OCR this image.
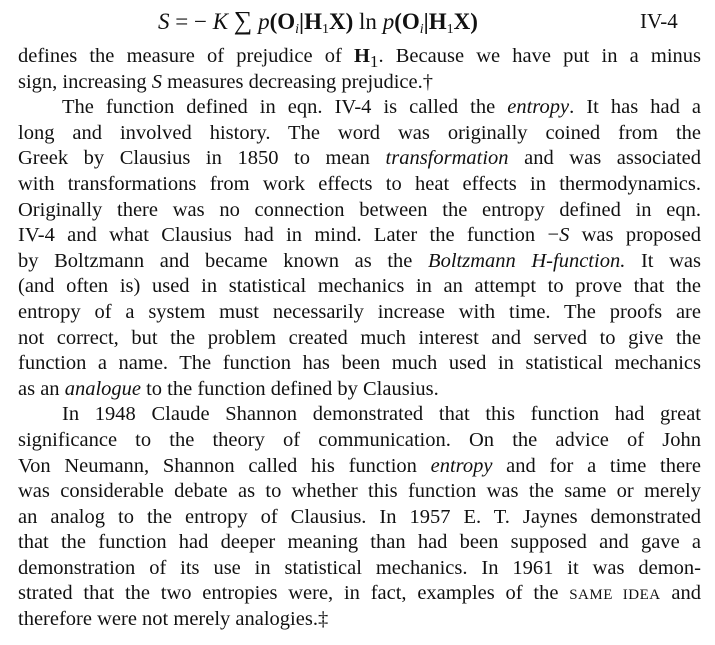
S = − K ∑ $p(O_i|H_1X)$ $\ln p(O_i|H_1X)$	IV-4
defines the measure of prejudice of $H_1$. Because we have put in a minus
sign, increasing S measures decreasing prejudice.†
The function defined in eqn. IV-4 is called the entropy. It has had a
long and involved history. The word was originally coined from the
Greek by Clausius in 1850 to mean transformation and was associated
with transformations from work effects to heat effects in thermodynamics.
Originally there was no connection between the entropy defined in eqn.
IV-4 and what Clausius had in mind. Later the function −S was proposed
by Boltzmann and became known as the Boltzmann H-function. It was
(and often is) used in statistical mechanics in an attempt to prove that the
entropy of a system must necessarily increase with time. The proofs are
not correct, but the problem created much interest and served to give the
function a name. The function has been much used in statistical mechanics
as an analogue to the function defined by Clausius.
In 1948 Claude Shannon demonstrated that this function had great
significance to the theory of communication. On the advice of John
Von Neumann, Shannon called his function entropy and for a time there
was considerable debate as to whether this function was the same or merely
an analog to the entropy of Clausius. In 1957 E. T. Jaynes demonstrated
that the function had deeper meaning than had been supposed and gave a
demonstration of its use in statistical mechanics. In 1961 it was demon-
strated that the two entropies were, in fact, examples of the SAME IDEA and
therefore were not merely analogies.‡
